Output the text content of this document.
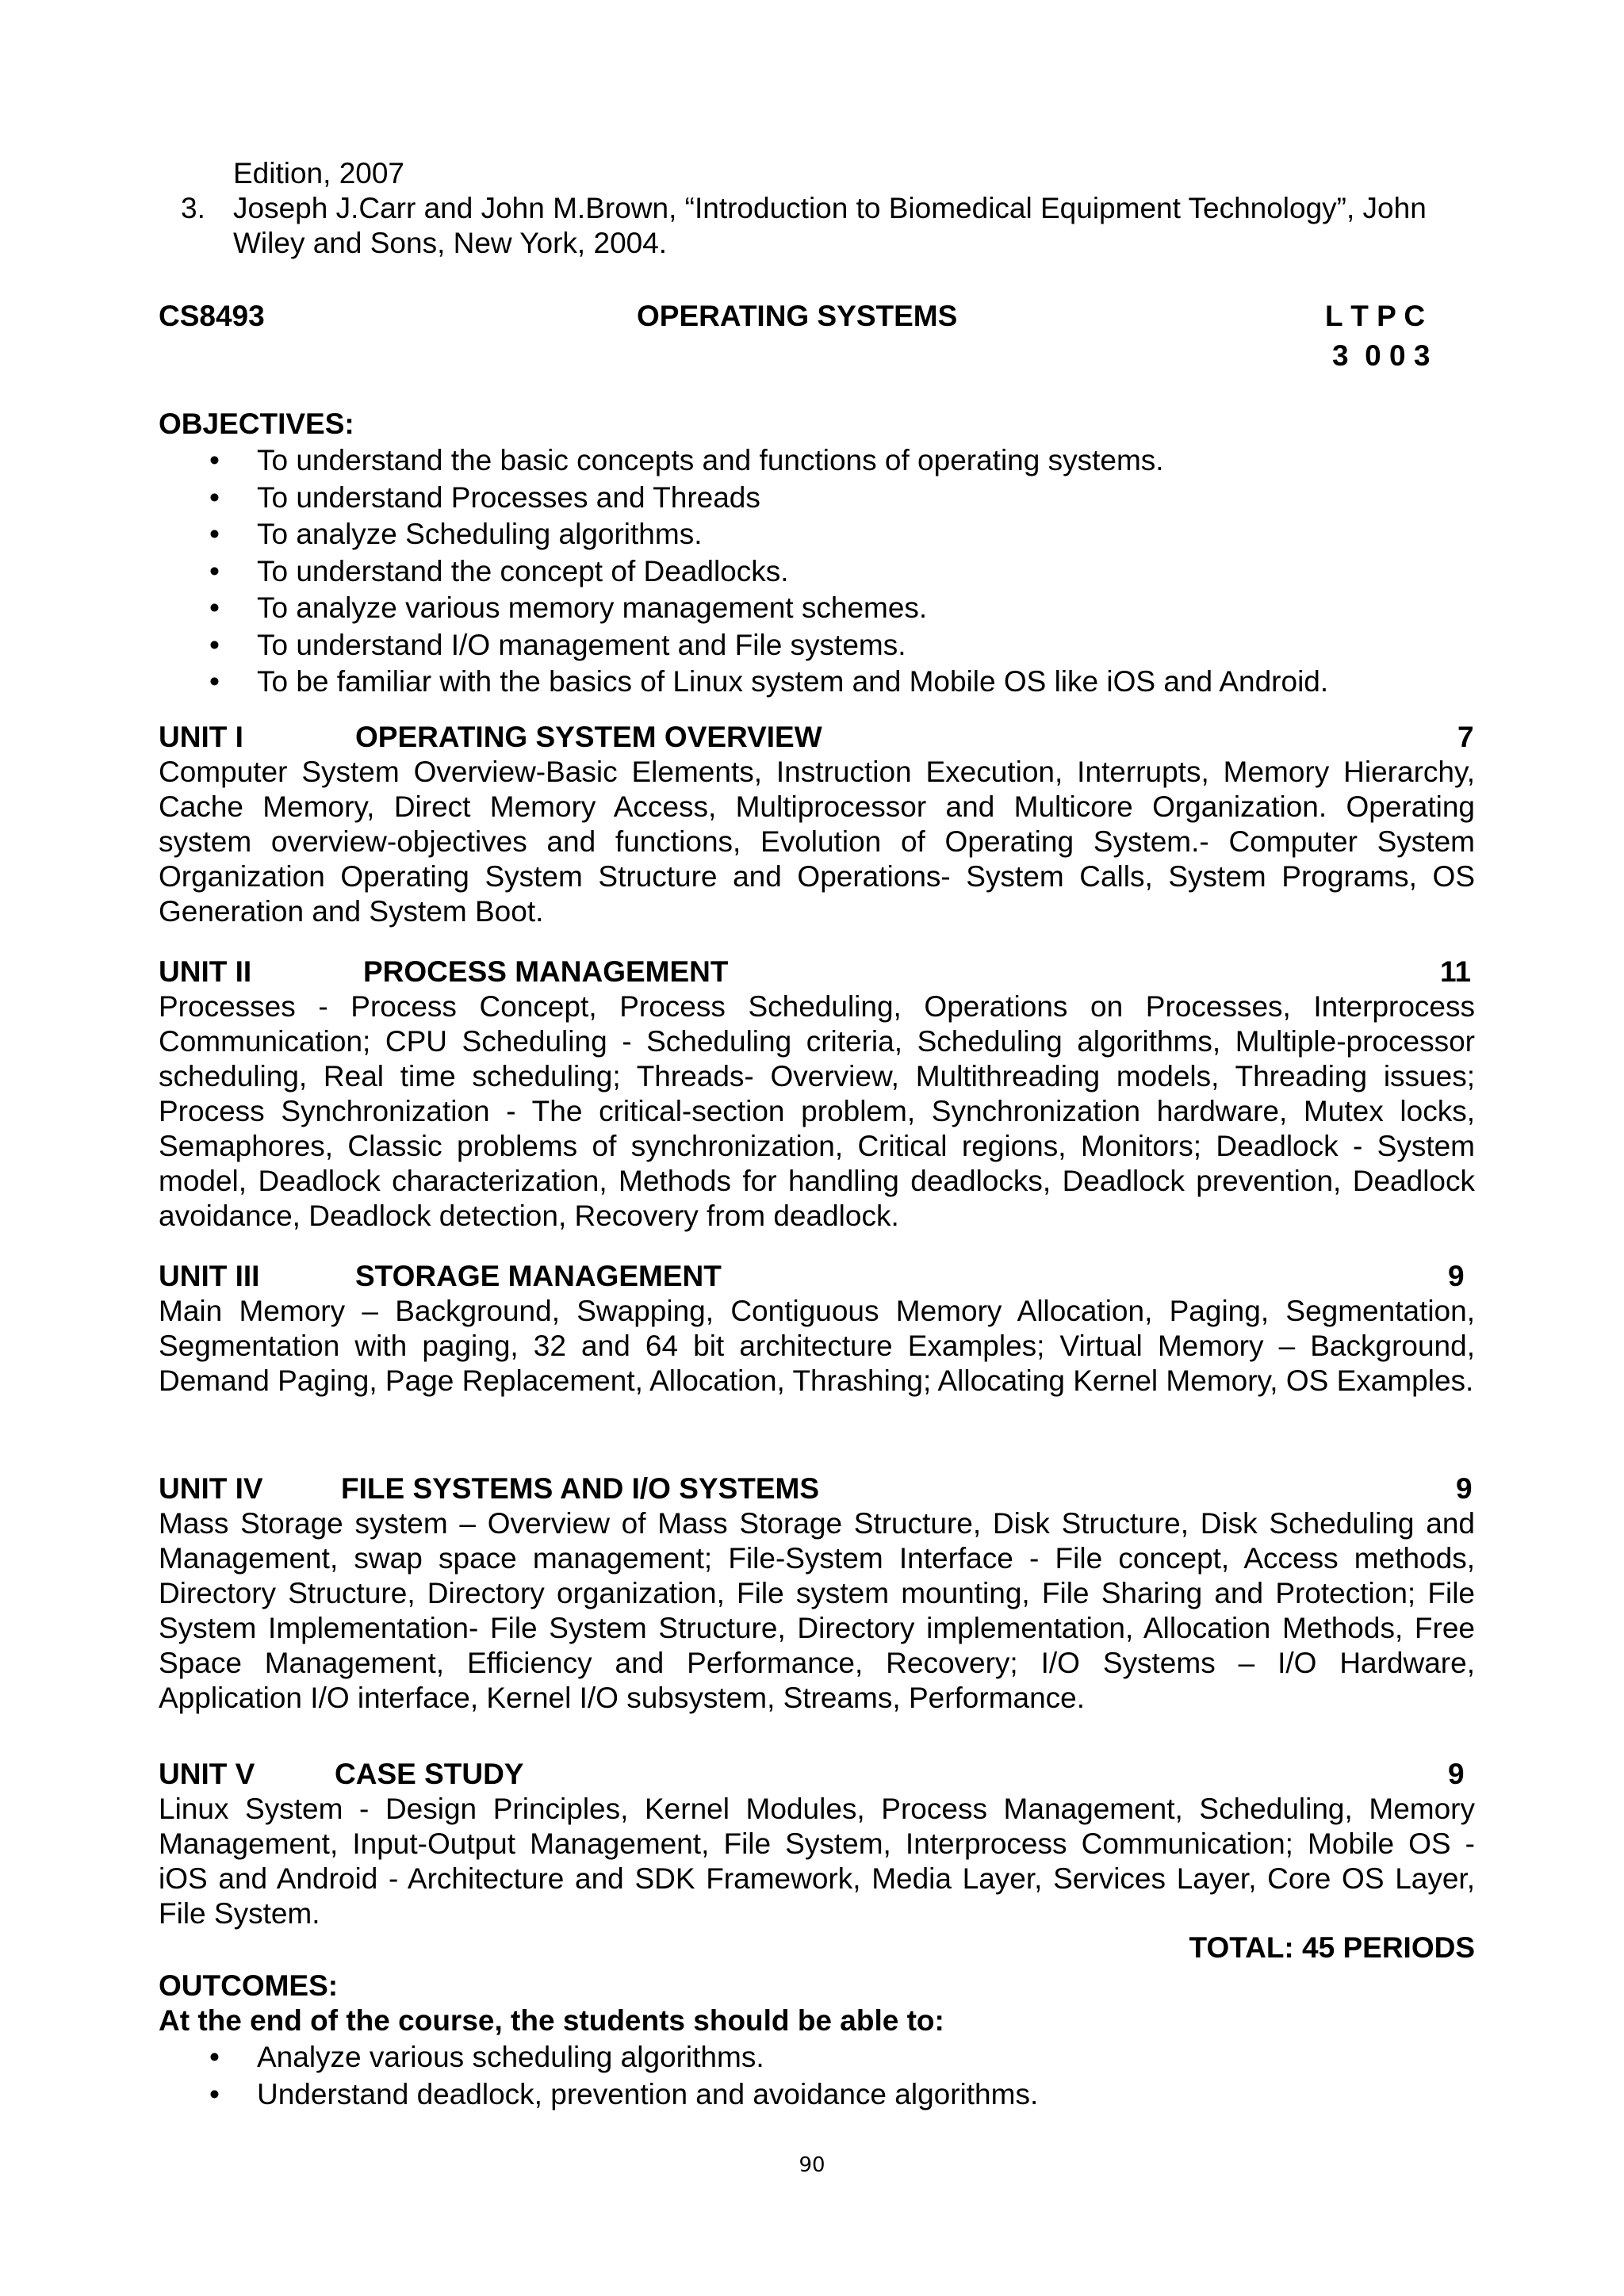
Edition, 2007
3. Joseph J.Carr and John M.Brown, “Introduction to Biomedical Equipment Technology”, John
Wiley and Sons, New York, 2004.
CS8493	OPERATING SYSTEMS	L T P C
3  0 0 3
OBJECTIVES:
• To understand the basic concepts and functions of operating systems.
• To understand Processes and Threads
• To analyze Scheduling algorithms.
• To understand the concept of Deadlocks.
• To analyze various memory management schemes.
• To understand I/O management and File systems.
• To be familiar with the basics of Linux system and Mobile OS like iOS and Android.
UNIT I	OPERATING SYSTEM OVERVIEW	7
Computer System Overview-Basic Elements, Instruction Execution, Interrupts, Memory Hierarchy, Cache Memory, Direct Memory Access, Multiprocessor and Multicore Organization. Operating system overview-objectives and functions, Evolution of Operating System.- Computer System Organization Operating System Structure and Operations- System Calls, System Programs, OS Generation and System Boot.
UNIT II	PROCESS MANAGEMENT	11
Processes - Process Concept, Process Scheduling, Operations on Processes, Interprocess Communication; CPU Scheduling - Scheduling criteria, Scheduling algorithms, Multiple-processor scheduling, Real time scheduling; Threads- Overview, Multithreading models, Threading issues; Process Synchronization - The critical-section problem, Synchronization hardware, Mutex locks, Semaphores, Classic problems of synchronization, Critical regions, Monitors; Deadlock - System model, Deadlock characterization, Methods for handling deadlocks, Deadlock prevention, Deadlock avoidance, Deadlock detection, Recovery from deadlock.
UNIT III	STORAGE MANAGEMENT	9
Main Memory – Background, Swapping, Contiguous Memory Allocation, Paging, Segmentation, Segmentation with paging, 32 and 64 bit architecture Examples; Virtual Memory – Background, Demand Paging, Page Replacement, Allocation, Thrashing; Allocating Kernel Memory, OS Examples.
UNIT IV	FILE SYSTEMS AND I/O SYSTEMS	9
Mass Storage system – Overview of Mass Storage Structure, Disk Structure, Disk Scheduling and Management, swap space management; File-System Interface - File concept, Access methods, Directory Structure, Directory organization, File system mounting, File Sharing and Protection; File System Implementation- File System Structure, Directory implementation, Allocation Methods, Free Space Management, Efficiency and Performance, Recovery; I/O Systems – I/O Hardware, Application I/O interface, Kernel I/O subsystem, Streams, Performance.
UNIT V	CASE STUDY	9
Linux System - Design Principles, Kernel Modules, Process Management, Scheduling, Memory Management, Input-Output Management, File System, Interprocess Communication; Mobile OS - iOS and Android - Architecture and SDK Framework, Media Layer, Services Layer, Core OS Layer, File System.
TOTAL: 45 PERIODS
OUTCOMES:
At the end of the course, the students should be able to:
• Analyze various scheduling algorithms.
• Understand deadlock, prevention and avoidance algorithms.
90
